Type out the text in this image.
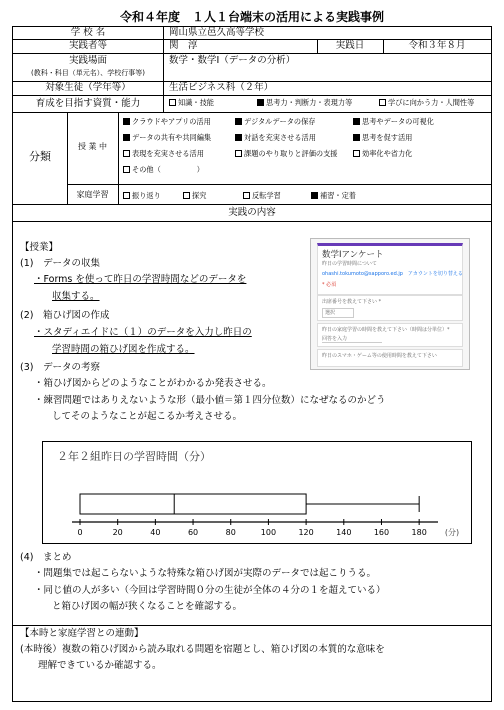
令和４年度　１人１台端末の活用による実践事例
学 校 名	岡山県立邑久高等学校
実践者等	関　淳	実践日	令和３年８月
実践場面
(教科・科目（単元名）、学校行事等)
数学・数学Ⅰ（データの分析）
対象生徒（学年等）	生活ビジネス科（２年）
育成を目指す資質・能力	知識・技能	思考力・判断力・表現力等	学びに向かう力・人間性等
分類
授 業 中
クラウドやアプリの活用	デジタルデータの保存	思考やデータの可視化
データの共有や共同編集	対話を充実させる活用	思考を促す活用
表現を充実させる活用	課題のやり取りと評価の支援	効率化や省力化
その他（　　　　　）
家庭学習	振り返り	探究	反転学習	補習・定着
実践の内容
【授業】
(1)　データの収集
・Forms を使って昨日の学習時間などのデータを
収集する。
(2)　箱ひげ図の作成
・スタディエイドに（１）のデータを入力し昨日の
学習時間の箱ひげ図を作成する。
(3)　データの考察
・箱ひげ図からどのようなことがわかるか発表させる。
・練習問題ではありえないような形（最小値＝第１四分位数）になぜなるのかどう
してそのようなことが起こるか考えさせる。
数学Ⅰアンケート
昨日の学習時間について
ohashi.tokumoto@sapporo.ed.jp　アカウントを切り替える
* 必須
出席番号を教えて下さい *
選択
昨日の家庭学習の時間を教えて下さい（時間は分単位）*
回答を入力
昨日のスマホ・ゲーム等の使用時間を教えて下さい
２年２組昨日の学習時間（分）
0	20	40	60	80	100	120	140	160	180 (分)
(4)　まとめ
・問題集では起こらないような特殊な箱ひげ図が実際のデータでは起こりうる。
・同じ値の人が多い（今回は学習時間０分の生徒が全体の４分の１を超えている）
と箱ひげ図の幅が狭くなることを確認する。
【本時と家庭学習との連動】
(本時後）複数の箱ひげ図から読み取れる問題を宿題とし、箱ひげ図の本質的な意味を
理解できているか確認する。
